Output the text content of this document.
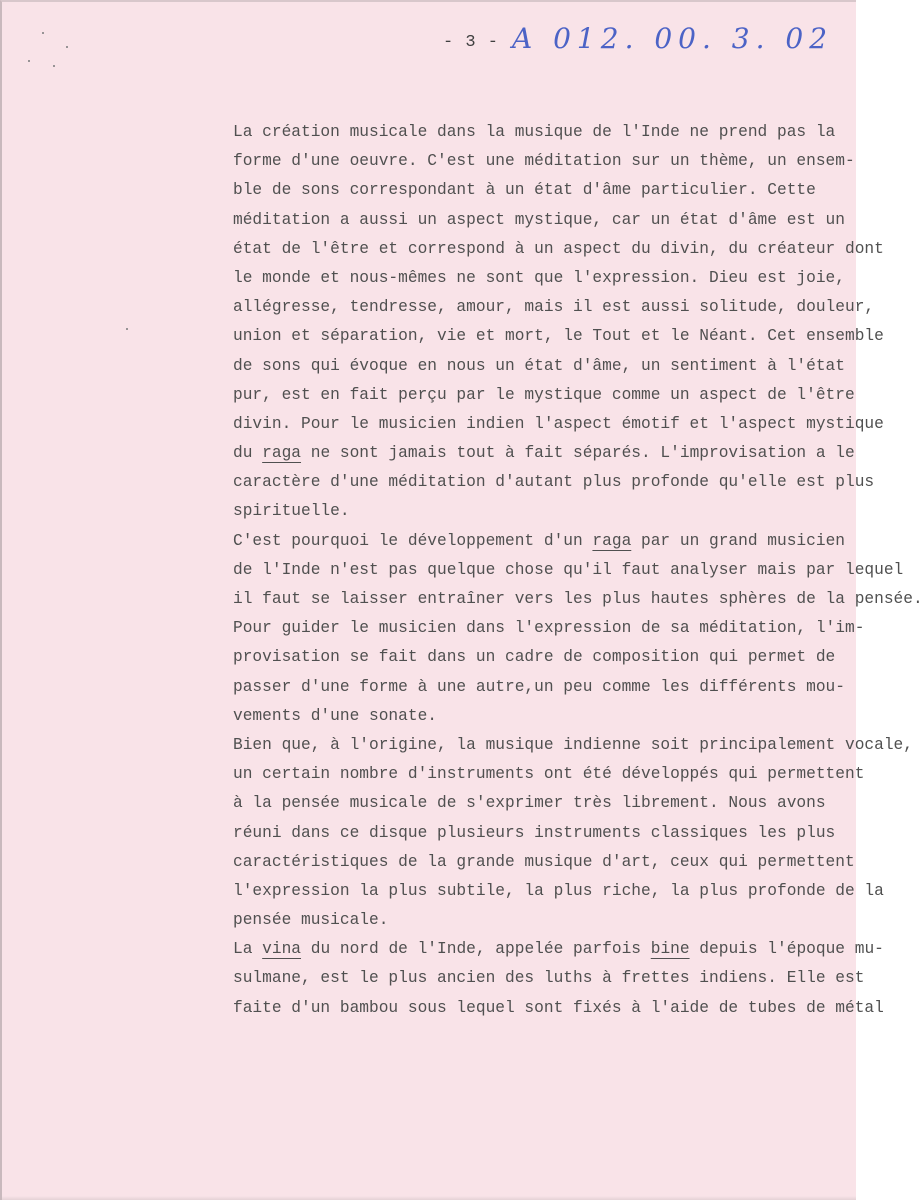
- 3 - A 012. 00. 3. 02
La création musicale dans la musique de l'Inde ne prend pas la
forme d'une oeuvre. C'est une méditation sur un thème, un ensem-
ble de sons correspondant à un état d'âme particulier. Cette
méditation a aussi un aspect mystique, car un état d'âme est un
état de l'être et correspond à un aspect du divin, du créateur dont
le monde et nous-mêmes ne sont que l'expression. Dieu est joie,
allégresse, tendresse, amour, mais il est aussi solitude, douleur,
union et séparation, vie et mort, le Tout et le Néant. Cet ensemble
de sons qui évoque en nous un état d'âme, un sentiment à l'état
pur, est en fait perçu par le mystique comme un aspect de l'être
divin. Pour le musicien indien l'aspect émotif et l'aspect mystique
du raga ne sont jamais tout à fait séparés. L'improvisation a le
caractère d'une méditation d'autant plus profonde qu'elle est plus
spirituelle.
C'est pourquoi le développement d'un raga par un grand musicien
de l'Inde n'est pas quelque chose qu'il faut analyser mais par lequel
il faut se laisser entraîner vers les plus hautes sphères de la pensée.
Pour guider le musicien dans l'expression de sa méditation, l'im-
provisation se fait dans un cadre de composition qui permet de
passer d'une forme à une autre,un peu comme les différents mou-
vements d'une sonate.
Bien que, à l'origine, la musique indienne soit principalement vocale,
un certain nombre d'instruments ont été développés qui permettent
à la pensée musicale de s'exprimer très librement. Nous avons
réuni dans ce disque plusieurs instruments classiques les plus
caractéristiques de la grande musique d'art, ceux qui permettent
l'expression la plus subtile, la plus riche, la plus profonde de la
pensée musicale.
La vina du nord de l'Inde, appelée parfois bine depuis l'époque mu-
sulmane, est le plus ancien des luths à frettes indiens. Elle est
faite d'un bambou sous lequel sont fixés à l'aide de tubes de métal
